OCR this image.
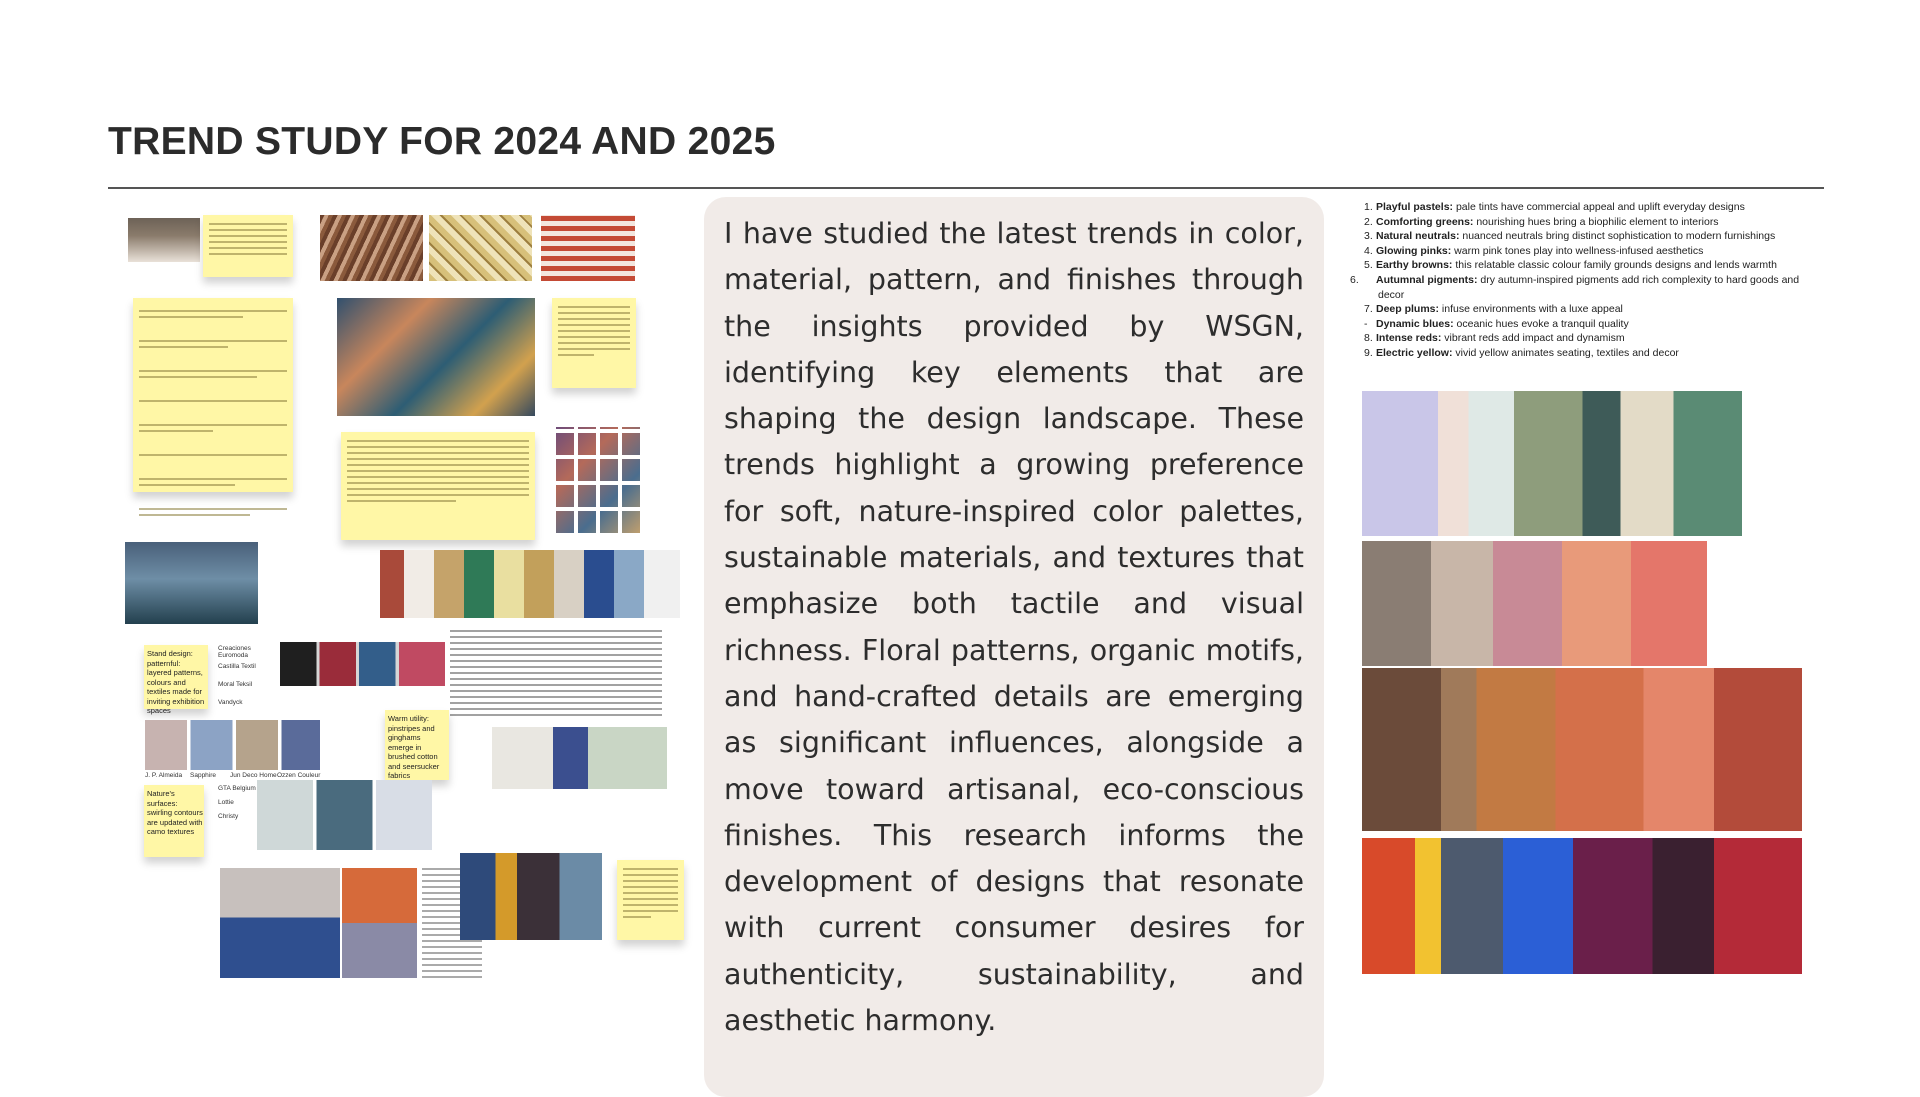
TREND STUDY FOR 2024 AND 2025

Stand design: patternful: layered patterns, colours and textiles made for inviting exhibition spaces
Creaciones Euromoda
Castilla Textil
Moral Teksil
Vandyck
Warm utility: pinstripes and ginghams emerge in brushed cotton and seersucker fabrics
J. P. Almeida Sapphire Jun Deco Home Ozzen Couleur
Nature's surfaces: swirling contours are updated with camo textures
GTA Belgium
Lottie
Christy

I have studied the latest trends in color, material, pattern, and finishes through the insights provided by WSGN, identifying key elements that are shaping the design landscape. These trends highlight a growing preference for soft, nature-inspired color palettes, sustainable materials, and textures that emphasize both tactile and visual richness. Floral patterns, organic motifs, and hand-crafted details are emerging as significant influences, alongside a move toward artisanal, eco-conscious finishes. This research informs the development of designs that resonate with current consumer desires for authenticity, sustainability, and aesthetic harmony.

1. Playful pastels: pale tints have commercial appeal and uplift everyday designs
2. Comforting greens: nourishing hues bring a biophilic element to interiors
3. Natural neutrals: nuanced neutrals bring distinct sophistication to modern furnishings
4. Glowing pinks: warm pink tones play into wellness-infused aesthetics
5. Earthy browns: this relatable classic colour family grounds designs and lends warmth
6. Autumnal pigments: dry autumn-inspired pigments add rich complexity to hard goods and decor
7. Deep plums: infuse environments with a luxe appeal
- Dynamic blues: oceanic hues evoke a tranquil quality
8. Intense reds: vibrant reds add impact and dynamism
9. Electric yellow: vivid yellow animates seating, textiles and decor
